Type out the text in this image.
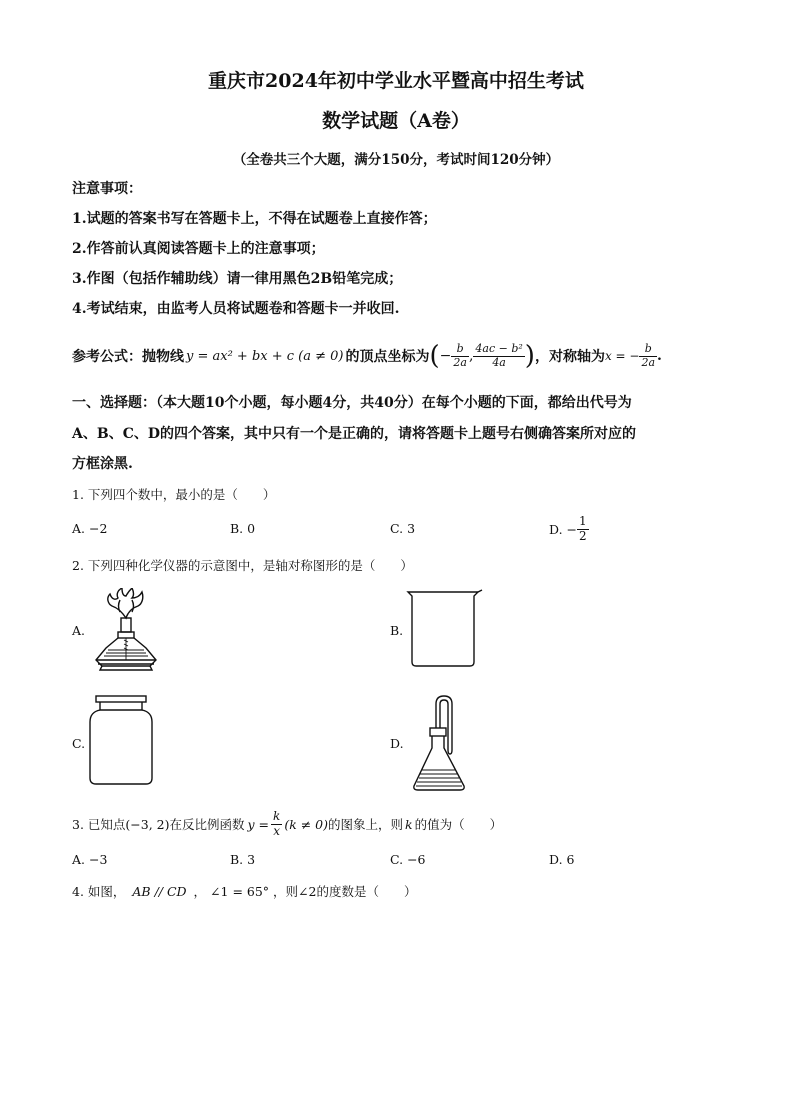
重庆市2024年初中学业水平暨高中招生考试
数学试题（A卷）
（全卷共三个大题，满分150分，考试时间120分钟）
注意事项：
1.试题的答案书写在答题卡上，不得在试题卷上直接作答；
2.作答前认真阅读答题卡上的注意事项；
3.作图（包括作辅助线）请一律用黑色2B铅笔完成；
4.考试结束，由监考人员将试题卷和答题卡一并收回.
参考公式：抛物线 y = ax² + bx + c (a ≠ 0) 的顶点坐标为 ( − $\frac{b}{2a}$ , $\frac{\text{4ac − b²}}{4a}$ ) ，对称轴为 x = − $\frac{b}{2a}$ .
一、选择题：（本大题10个小题，每小题4分，共40分）在每个小题的下面，都给出代号为
A、B、C、D的四个答案，其中只有一个是正确的，请将答题卡上题号右侧确答案所对应的
方框涂黑.
1. 下列四个数中，最小的是（　　）
A. −2	B. 0	C. 3	D. − $\frac{1}{2}$
2. 下列四种化学仪器的示意图中，是轴对称图形的是（　　）
A.	B.
C.	D.
3. 已知点 (−3, 2) 在反比例函数 $y = \frac{k}{x} (k \ne 0)$ 的图象上，则 k 的值为（　　）
A. −3	B. 3	C. −6	D. 6
4. 如图， AB // CD ， ∠1 = 65° ，则∠2的度数是（　　）
